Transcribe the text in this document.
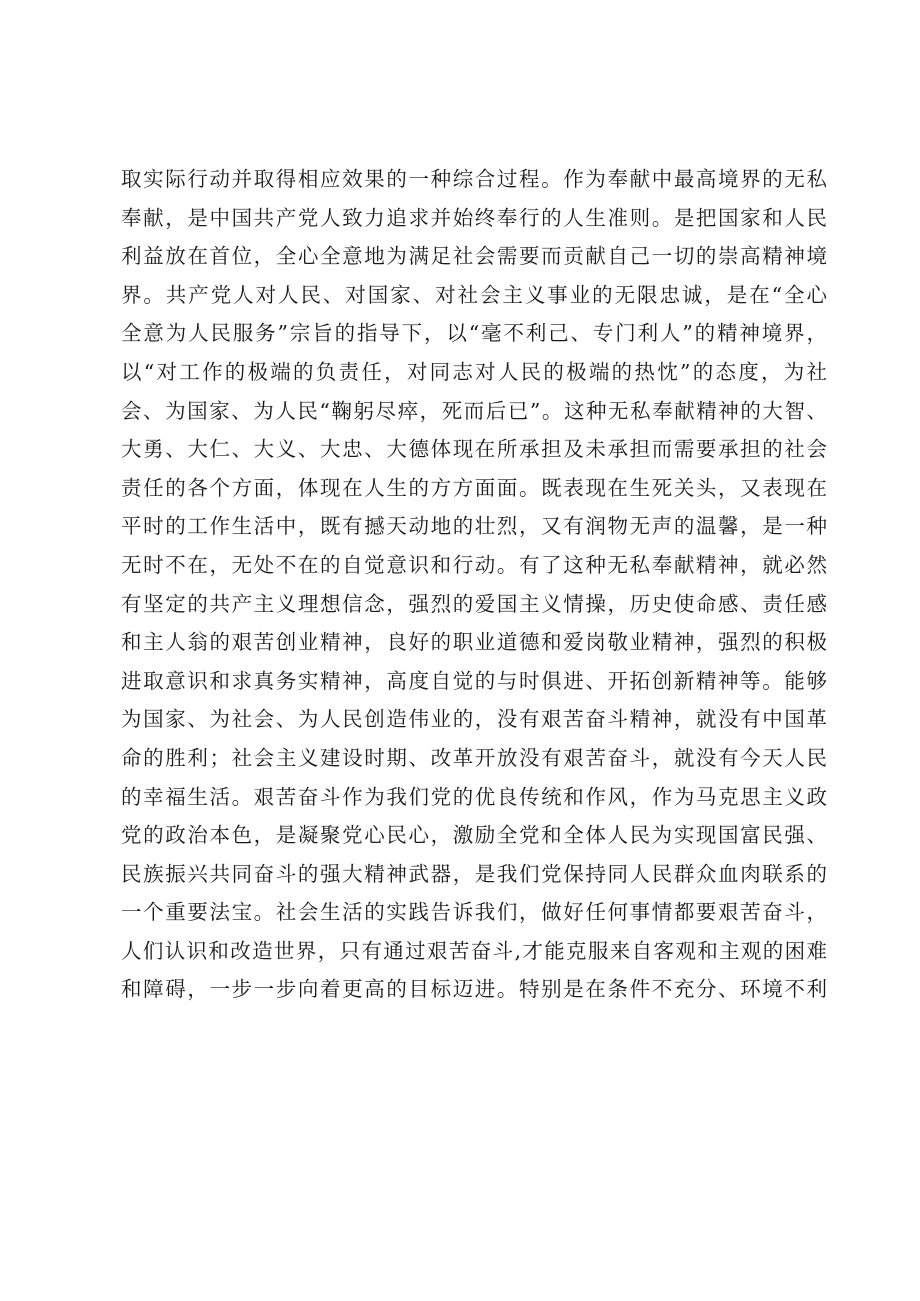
取实际行动并取得相应效果的一种综合过程。作为奉献中最高境界的无私
奉献，是中国共产党人致力追求并始终奉行的人生准则。是把国家和人民
利益放在首位，全心全意地为满足社会需要而贡献自己一切的崇高精神境
界。共产党人对人民、对国家、对社会主义事业的无限忠诚，是在“全心
全意为人民服务”宗旨的指导下，以“毫不利己、专门利人”的精神境界，
以“对工作的极端的负责任，对同志对人民的极端的热忱”的态度，为社
会、为国家、为人民“鞠躬尽瘁，死而后已”。这种无私奉献精神的大智、
大勇、大仁、大义、大忠、大德体现在所承担及未承担而需要承担的社会
责任的各个方面，体现在人生的方方面面。既表现在生死关头，又表现在
平时的工作生活中，既有撼天动地的壮烈，又有润物无声的温馨，是一种
无时不在，无处不在的自觉意识和行动。有了这种无私奉献精神，就必然
有坚定的共产主义理想信念，强烈的爱国主义情操，历史使命感、责任感
和主人翁的艰苦创业精神，良好的职业道德和爱岗敬业精神，强烈的积极
进取意识和求真务实精神，高度自觉的与时俱进、开拓创新精神等。能够
为国家、为社会、为人民创造伟业的，没有艰苦奋斗精神，就没有中国革
命的胜利；社会主义建设时期、改革开放没有艰苦奋斗，就没有今天人民
的幸福生活。艰苦奋斗作为我们党的优良传统和作风，作为马克思主义政
党的政治本色，是凝聚党心民心，激励全党和全体人民为实现国富民强、
民族振兴共同奋斗的强大精神武器，是我们党保持同人民群众血肉联系的
一个重要法宝。社会生活的实践告诉我们，做好任何事情都要艰苦奋斗，
人们认识和改造世界，只有通过艰苦奋斗,才能克服来自客观和主观的困难
和障碍，一步一步向着更高的目标迈进。特别是在条件不充分、环境不利
